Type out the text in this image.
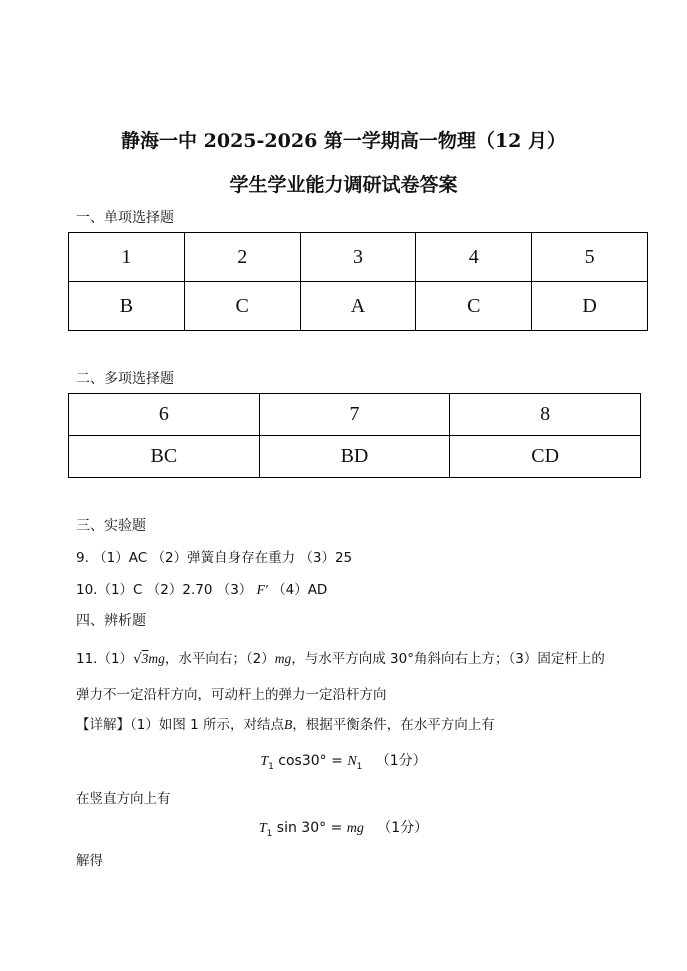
静海一中 2025-2026 第一学期高一物理（12 月）
学生学业能力调研试卷答案
一、单项选择题
1	2	3	4	5
B	C	A	C	D
二、多项选择题
6	7	8
BC	BD	CD
三、实验题
9. （1）AC （2）弹簧自身存在重力 （3）25
10.（1）C （2）2.70 （3） F′ （4）AD
四、辨析题
11.（1）√3mg，水平向右；（2）mg，与水平方向成 30°角斜向右上方；（3）固定杆上的
弹力不一定沿杆方向，可动杆上的弹力一定沿杆方向
【详解】（1）如图 1 所示，对结点B，根据平衡条件，在水平方向上有
$T_1$ $\cos 30^\circ = N_1$ （1分）
在竖直方向上有
$T_1$ sin 30° = mg （1分）
解得
